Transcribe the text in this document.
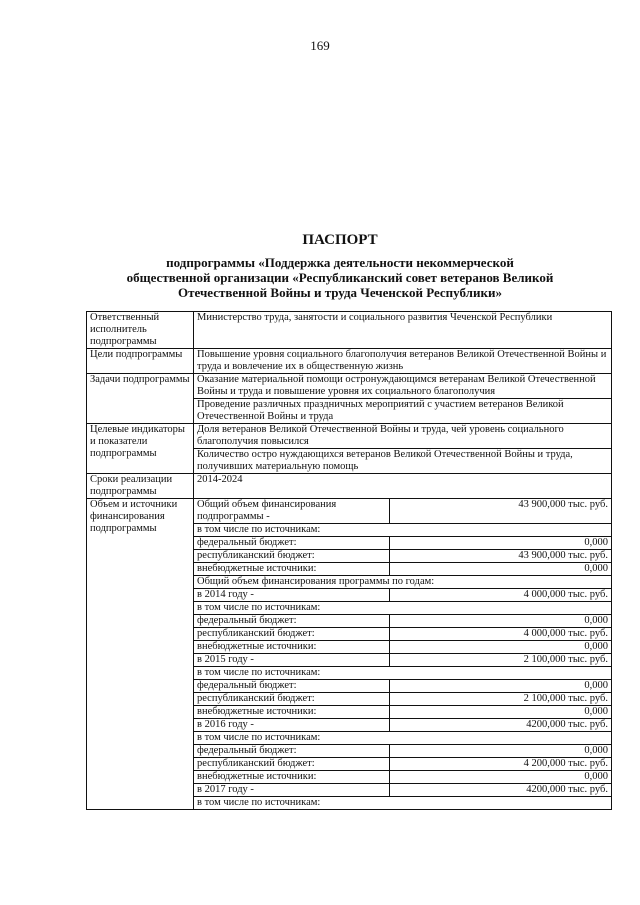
169

ПАСПОРТ

подпрограммы «Поддержка деятельности некоммерческой
общественной организации «Республиканский совет ветеранов Великой
Отечественной Войны и труда Чеченской Республики»

Ответственный исполнитель подпрограммы	Министерство труда, занятости и социального развития Чеченской Республики	
Цели подпрограммы	Повышение уровня социального благополучия ветеранов Великой Отечественной Войны и труда и вовлечение их в общественную жизнь	
Задачи подпрограммы	Оказание материальной помощи остронуждающимся ветеранам Великой Отечественной Войны и труда и повышение уровня их социального благополучия	
	Проведение различных праздничных мероприятий с участием ветеранов Великой Отечественной Войны и труда	
Целевые индикаторы и показатели подпрограммы	Доля ветеранов Великой Отечественной Войны и труда, чей уровень социального благополучия повысился	
	Количество остро нуждающихся ветеранов Великой Отечественной Войны и труда, получивших материальную помощь	
Сроки реализации подпрограммы	2014-2024	
Объем и источники финансирования подпрограммы	Общий объем финансирования подпрограммы -	43 900,000 тыс. руб.
	в том числе по источникам:	
	федеральный бюджет:	0,000
	республиканский бюджет:	43 900,000 тыс. руб.
	внебюджетные источники:	0,000
	Общий объем финансирования программы по годам:	
	в 2014 году -	4 000,000 тыс. руб.
	в том числе по источникам:	
	федеральный бюджет:	0,000
	республиканский бюджет:	4 000,000 тыс. руб.
	внебюджетные источники:	0,000
	в 2015 году -	2 100,000 тыс. руб.
	в том числе по источникам:	
	федеральный бюджет:	0,000
	республиканский бюджет:	2 100,000 тыс. руб.
	внебюджетные источники:	0,000
	в 2016 году -	4200,000 тыс. руб.
	в том числе по источникам:	
	федеральный бюджет:	0,000
	республиканский бюджет:	4 200,000 тыс. руб.
	внебюджетные источники:	0,000
	в 2017 году -	4200,000 тыс. руб.
	в том числе по источникам:	
